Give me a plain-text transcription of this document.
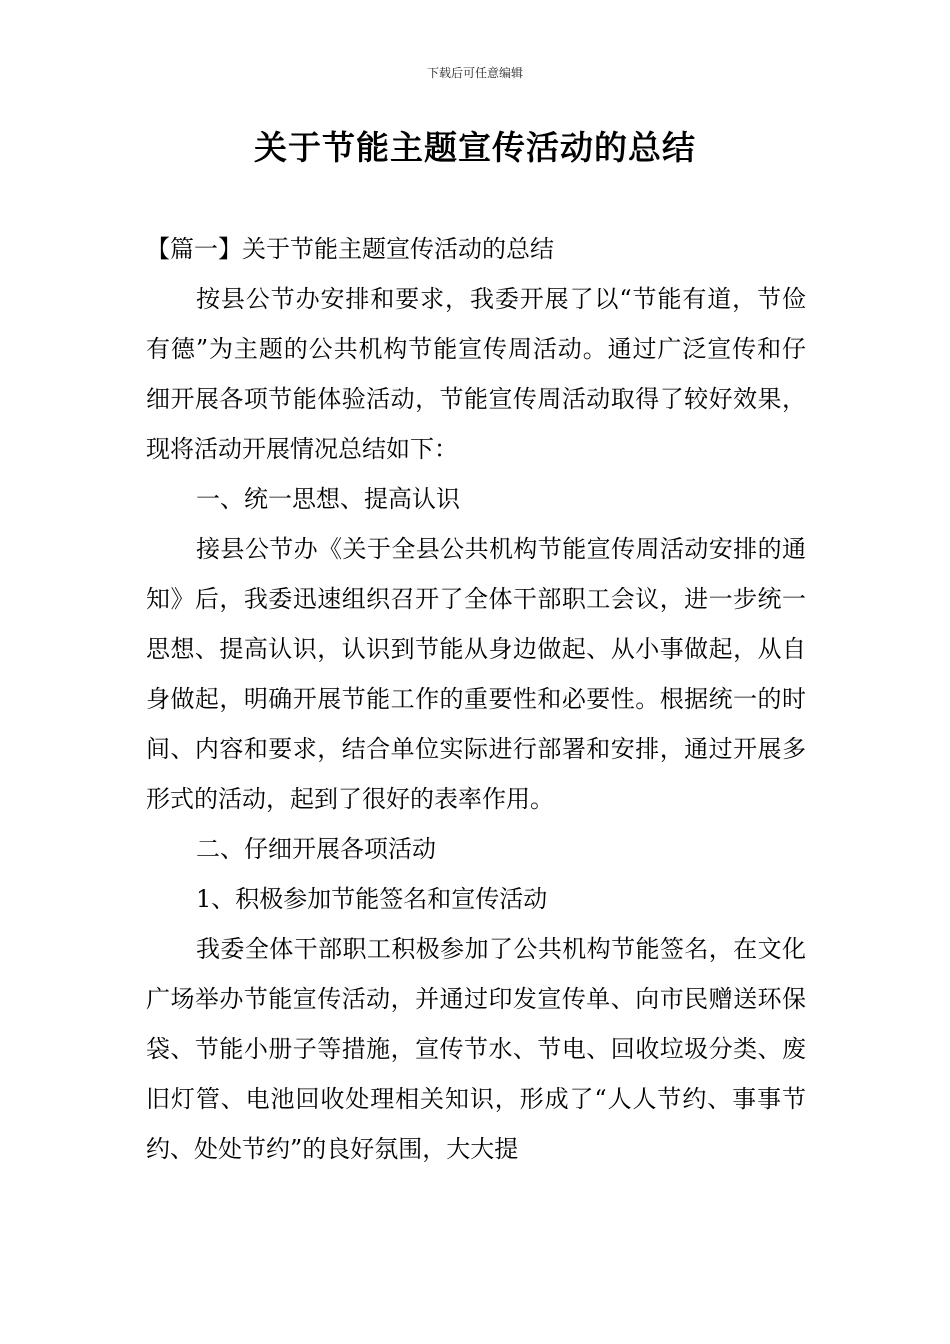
下载后可任意编辑
关于节能主题宣传活动的总结

【篇一】关于节能主题宣传活动的总结

按县公节办安排和要求，我委开展了以“节能有道，节俭有德”为主题的公共机构节能宣传周活动。通过广泛宣传和仔细开展各项节能体验活动，节能宣传周活动取得了较好效果，现将活动开展情况总结如下：

一、统一思想、提高认识

接县公节办《关于全县公共机构节能宣传周活动安排的通知》后，我委迅速组织召开了全体干部职工会议，进一步统一思想、提高认识，认识到节能从身边做起、从小事做起，从自身做起，明确开展节能工作的重要性和必要性。根据统一的时间、内容和要求，结合单位实际进行部署和安排，通过开展多形式的活动，起到了很好的表率作用。

二、仔细开展各项活动

1、积极参加节能签名和宣传活动

我委全体干部职工积极参加了公共机构节能签名，在文化广场举办节能宣传活动，并通过印发宣传单、向市民赠送环保袋、节能小册子等措施，宣传节水、节电、回收垃圾分类、废旧灯管、电池回收处理相关知识，形成了“人人节约、事事节约、处处节约”的良好氛围，大大提
